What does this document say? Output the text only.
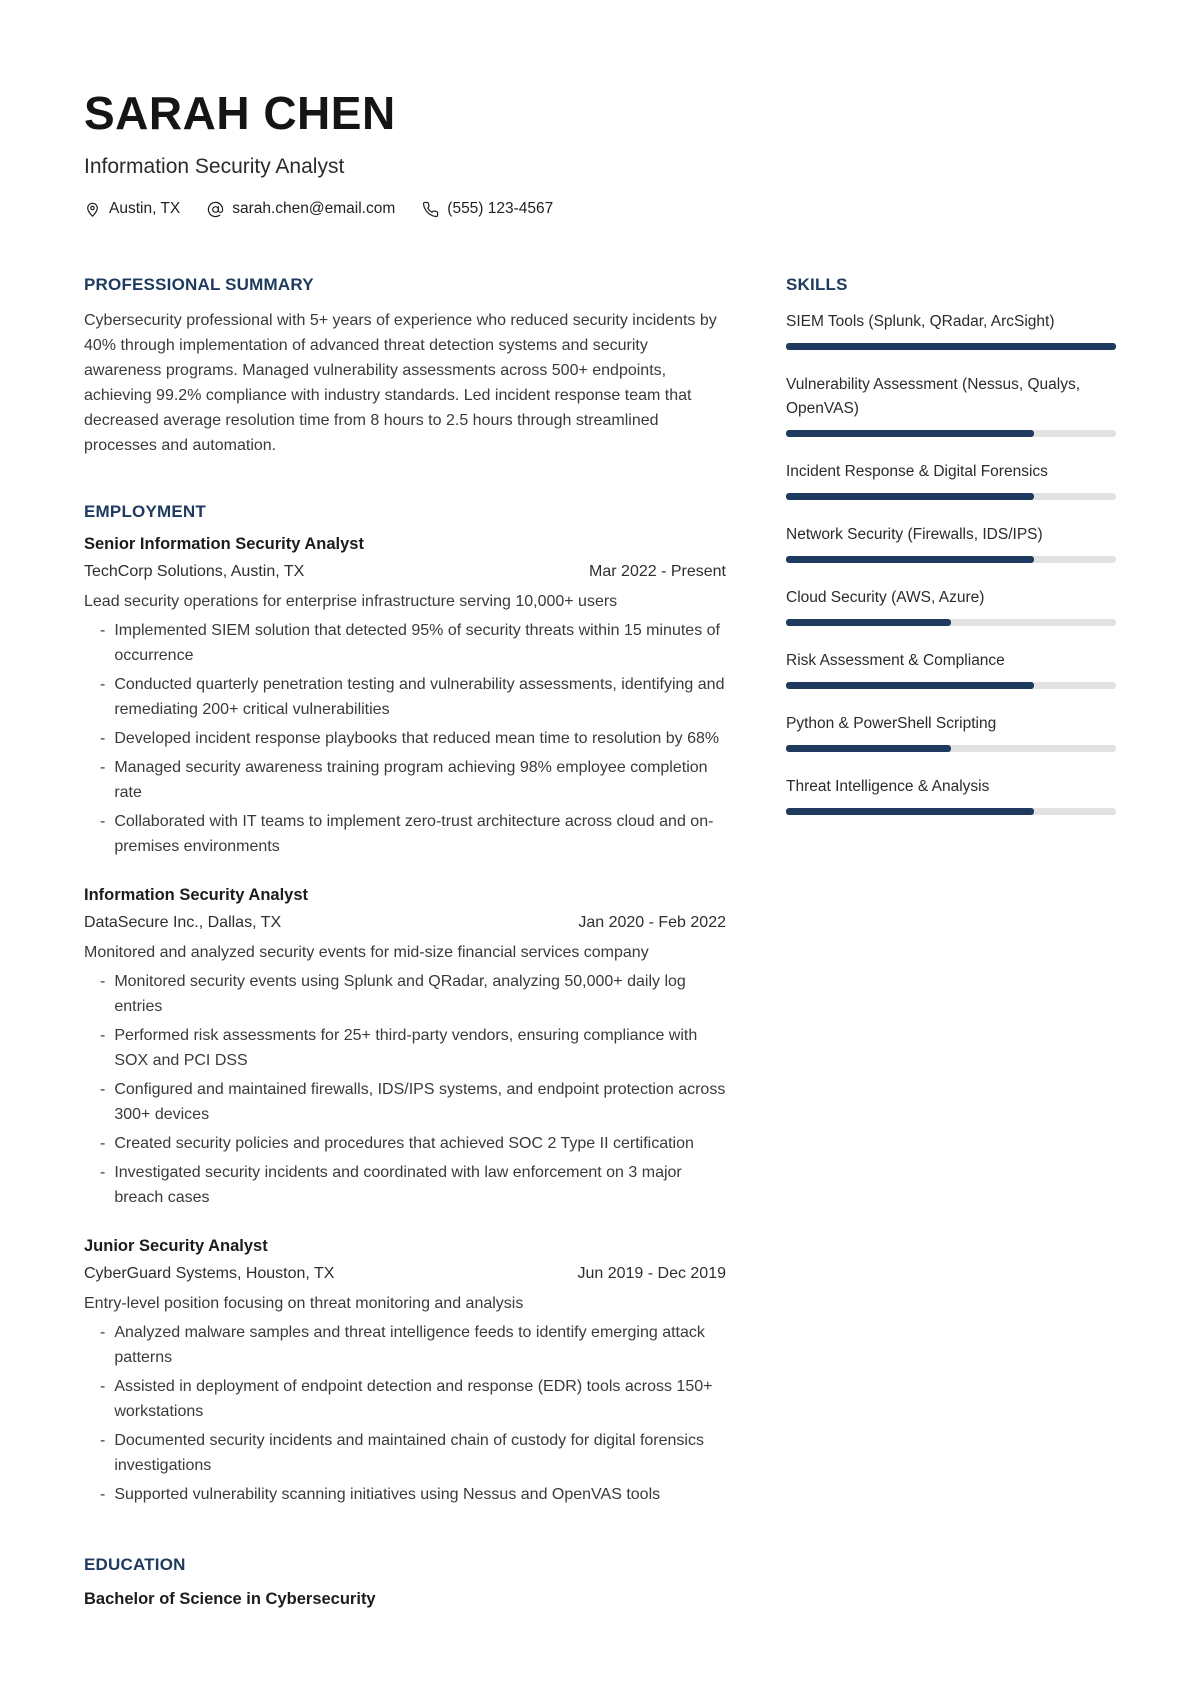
SARAH CHEN
Information Security Analyst
Austin, TX	sarah.chen@email.com	(555) 123-4567
PROFESSIONAL SUMMARY
Cybersecurity professional with 5+ years of experience who reduced security incidents by 40% through implementation of advanced threat detection systems and security awareness programs. Managed vulnerability assessments across 500+ endpoints, achieving 99.2% compliance with industry standards. Led incident response team that decreased average resolution time from 8 hours to 2.5 hours through streamlined processes and automation.
EMPLOYMENT
Senior Information Security Analyst
TechCorp Solutions, Austin, TX	Mar 2022 - Present
Lead security operations for enterprise infrastructure serving 10,000+ users
- Implemented SIEM solution that detected 95% of security threats within 15 minutes of occurrence
- Conducted quarterly penetration testing and vulnerability assessments, identifying and remediating 200+ critical vulnerabilities
- Developed incident response playbooks that reduced mean time to resolution by 68%
- Managed security awareness training program achieving 98% employee completion rate
- Collaborated with IT teams to implement zero-trust architecture across cloud and on-premises environments
Information Security Analyst
DataSecure Inc., Dallas, TX	Jan 2020 - Feb 2022
Monitored and analyzed security events for mid-size financial services company
- Monitored security events using Splunk and QRadar, analyzing 50,000+ daily log entries
- Performed risk assessments for 25+ third-party vendors, ensuring compliance with SOX and PCI DSS
- Configured and maintained firewalls, IDS/IPS systems, and endpoint protection across 300+ devices
- Created security policies and procedures that achieved SOC 2 Type II certification
- Investigated security incidents and coordinated with law enforcement on 3 major breach cases
Junior Security Analyst
CyberGuard Systems, Houston, TX	Jun 2019 - Dec 2019
Entry-level position focusing on threat monitoring and analysis
- Analyzed malware samples and threat intelligence feeds to identify emerging attack patterns
- Assisted in deployment of endpoint detection and response (EDR) tools across 150+ workstations
- Documented security incidents and maintained chain of custody for digital forensics investigations
- Supported vulnerability scanning initiatives using Nessus and OpenVAS tools
EDUCATION
Bachelor of Science in Cybersecurity
SKILLS
SIEM Tools (Splunk, QRadar, ArcSight)
Vulnerability Assessment (Nessus, Qualys, OpenVAS)
Incident Response & Digital Forensics
Network Security (Firewalls, IDS/IPS)
Cloud Security (AWS, Azure)
Risk Assessment & Compliance
Python & PowerShell Scripting
Threat Intelligence & Analysis
